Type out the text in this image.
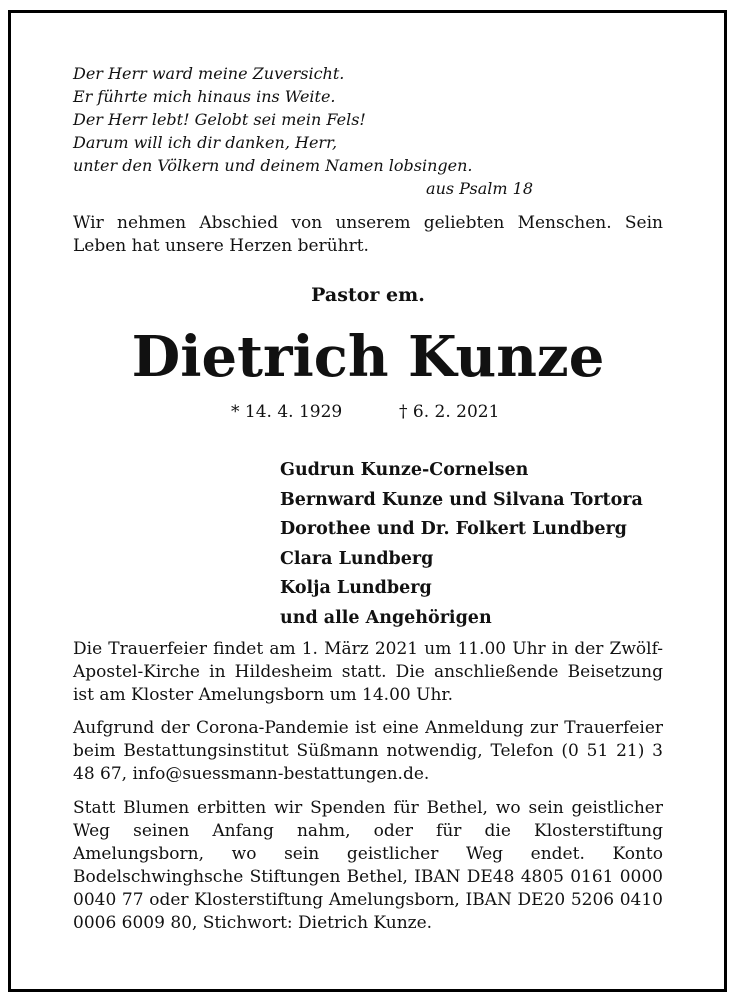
Der Herr ward meine Zuversicht.
Er führte mich hinaus ins Weite.
Der Herr lebt! Gelobt sei mein Fels!
Darum will ich dir danken, Herr,
unter den Völkern und deinem Namen lobsingen.
aus Psalm 18
Wir nehmen Abschied von unserem geliebten Menschen. Sein Leben hat unsere Herzen berührt.
Pastor em.
Dietrich Kunze
* 14. 4. 1929	† 6. 2. 2021
Gudrun Kunze-Cornelsen
Bernward Kunze und Silvana Tortora
Dorothee und Dr. Folkert Lundberg
Clara Lundberg
Kolja Lundberg
und alle Angehörigen
Die Trauerfeier findet am 1. März 2021 um 11.00 Uhr in der Zwölf-Apostel-Kirche in Hildesheim statt. Die anschließende Beisetzung ist am Kloster Amelungsborn um 14.00 Uhr.
Aufgrund der Corona-Pandemie ist eine Anmeldung zur Trauerfeier beim Bestattungsinstitut Süßmann notwendig, Telefon (0 51 21) 3 48 67, info@suessmann-bestattungen.de.
Statt Blumen erbitten wir Spenden für Bethel, wo sein geistlicher Weg seinen Anfang nahm, oder für die Klosterstiftung Amelungsborn, wo sein geistlicher Weg endet. Konto Bodelschwinghsche Stiftungen Bethel, IBAN DE48 4805 0161 0000 0040 77 oder Klosterstiftung Amelungsborn, IBAN DE20 5206 0410 0006 6009 80, Stichwort: Dietrich Kunze.
